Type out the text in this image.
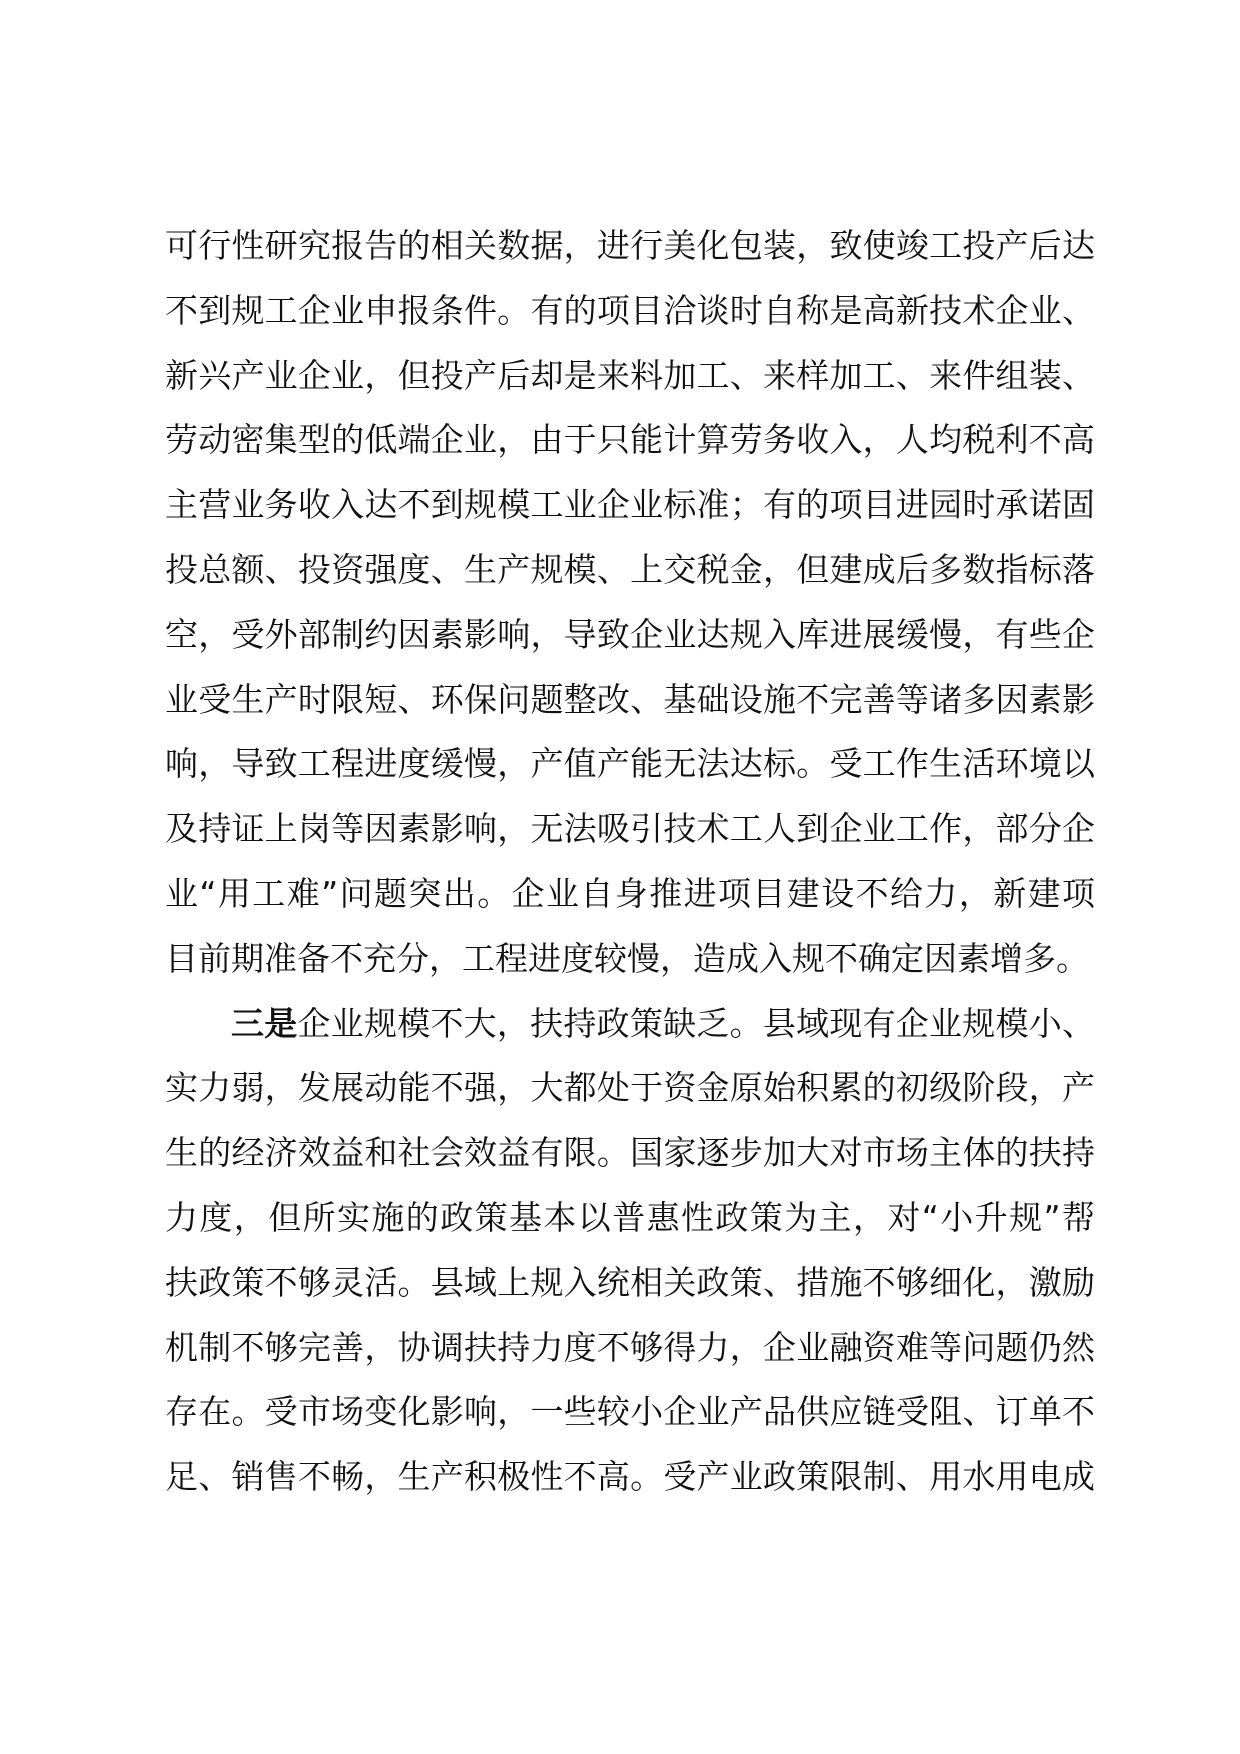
可行性研究报告的相关数据，进行美化包装，致使竣工投产后达
不到规工企业申报条件。有的项目洽谈时自称是高新技术企业、
新兴产业企业，但投产后却是来料加工、来样加工、来件组装、
劳动密集型的低端企业，由于只能计算劳务收入，人均税利不高
主营业务收入达不到规模工业企业标准；有的项目进园时承诺固
投总额、投资强度、生产规模、上交税金，但建成后多数指标落
空，受外部制约因素影响，导致企业达规入库进展缓慢，有些企
业受生产时限短、环保问题整改、基础设施不完善等诸多因素影
响，导致工程进度缓慢，产值产能无法达标。受工作生活环境以
及持证上岗等因素影响，无法吸引技术工人到企业工作，部分企
业“用工难”问题突出。企业自身推进项目建设不给力，新建项
目前期准备不充分，工程进度较慢，造成入规不确定因素增多。
三是企业规模不大，扶持政策缺乏。县域现有企业规模小、
实力弱，发展动能不强，大都处于资金原始积累的初级阶段，产
生的经济效益和社会效益有限。国家逐步加大对市场主体的扶持
力度，但所实施的政策基本以普惠性政策为主，对“小升规”帮
扶政策不够灵活。县域上规入统相关政策、措施不够细化，激励
机制不够完善，协调扶持力度不够得力，企业融资难等问题仍然
存在。受市场变化影响，一些较小企业产品供应链受阻、订单不
足、销售不畅，生产积极性不高。受产业政策限制、用水用电成
